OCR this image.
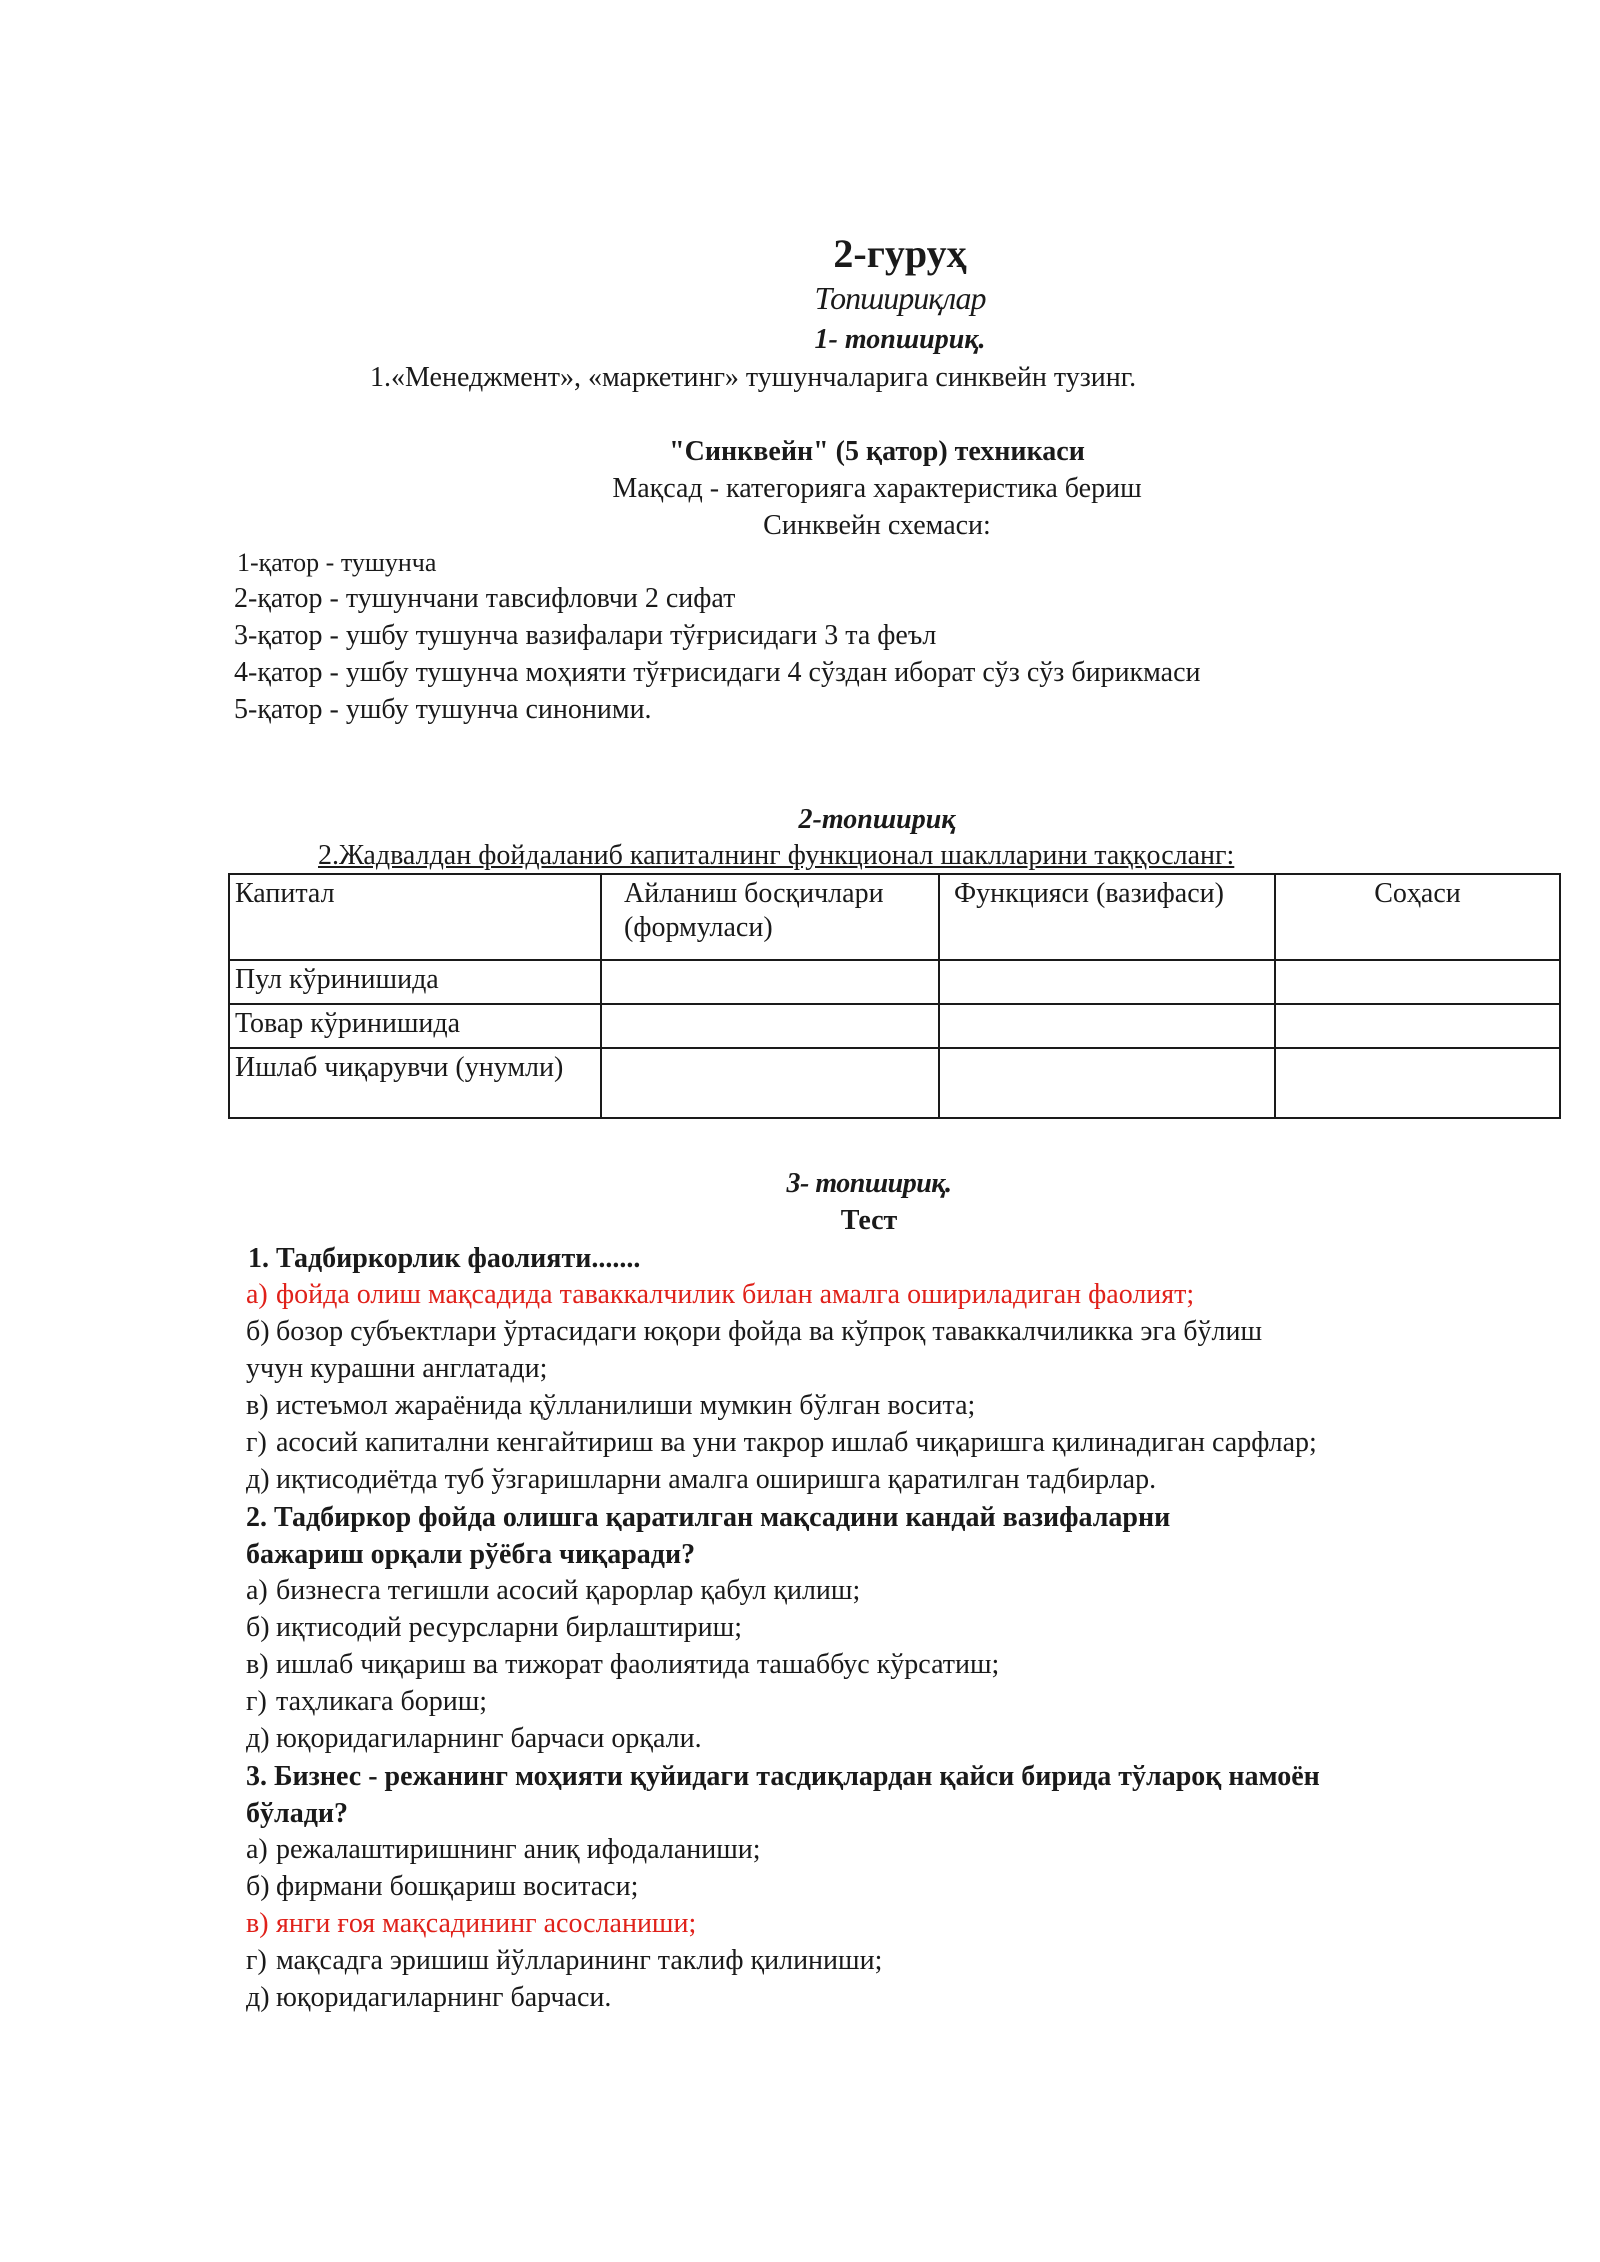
2-гуруҳ
Топшириқлар
1- топшириқ.
1.«Менеджмент», «маркетинг» тушунчаларига синквейн тузинг.
"Синквейн" (5 қатор) техникаси
Мақсад - категорияга характеристика бериш
Синквейн схемаси:
1-қатор - тушунча
2-қатор - тушунчани тавсифловчи 2 сифат
3-қатор - ушбу тушунча вазифалари тўғрисидаги 3 та феъл
4-қатор - ушбу тушунча моҳияти тўғрисидаги 4 сўздан иборат сўз сўз бирикмаси
5-қатор - ушбу тушунча синоними.
2-топшириқ
2.Жадвалдан фойдаланиб капиталнинг функционал шаклларини таққосланг:
Капитал	Айланиш босқичлари (формуласи)	Функцияси (вазифаси)	Соҳаси

Пул кўринишида			
Товар кўринишида			
Ишлаб чиқарувчи (унумли)			
3- топшириқ.
Тест
1. Тадбиркорлик фаолияти.......
а) фойда олиш мақсадида таваккалчилик билан амалга ошириладиган фаолият;
б) бозор субъектлари ўртасидаги юқори фойда ва кўпроқ таваккалчиликка эга бўлиш
учун курашни англатади;
в) истеъмол жараёнида қўлланилиши мумкин бўлган восита;
г) асосий капитални кенгайтириш ва уни такрор ишлаб чиқаришга қилинадиган сарфлар;
д) иқтисодиётда туб ўзгаришларни амалга оширишга қаратилган тадбирлар.
2. Тадбиркор фойда олишга қаратилган мақсадини кандай вазифаларни
бажариш орқали рўёбга чиқаради?
а) бизнесга тегишли асосий қарорлар қабул қилиш;
б) иқтисодий ресурсларни бирлаштириш;
в) ишлаб чиқариш ва тижорат фаолиятида ташаббус кўрсатиш;
г) таҳликага бориш;
д) юқоридагиларнинг барчаси орқали.
3. Бизнес - режанинг моҳияти қуйидаги тасдиқлардан қайси бирида тўлароқ намоён
бўлади?
а) режалаштиришнинг аниқ ифодаланиши;
б) фирмани бошқариш воситаси;
в) янги ғоя мақсадининг асосланиши;
г) мақсадга эришиш йўлларининг таклиф қилиниши;
д) юқоридагиларнинг барчаси.
